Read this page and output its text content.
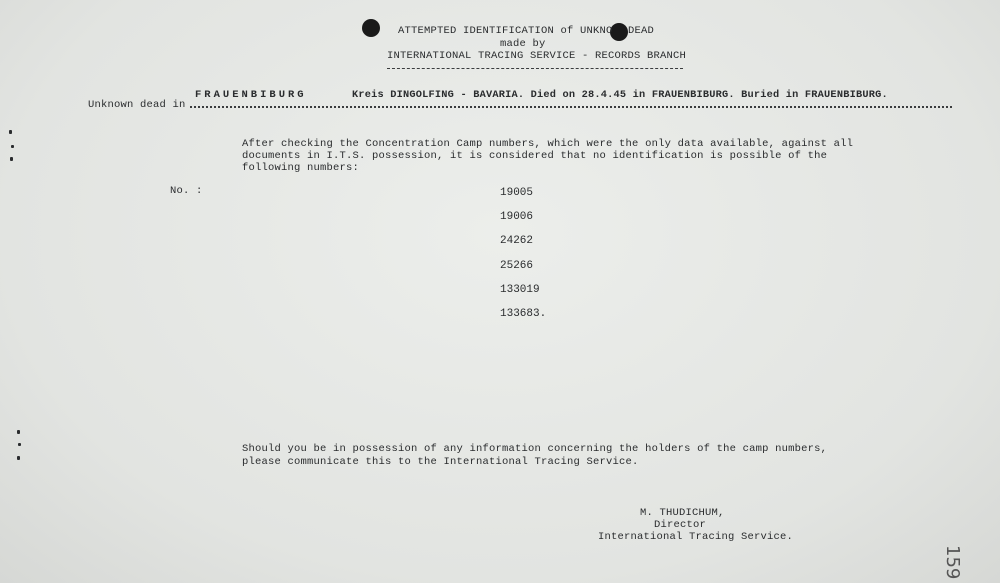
ATTEMPTED IDENTIFICATION of UNKNO DEAD
made by
INTERNATIONAL TRACING SERVICE - RECORDS BRANCH
Unknown dead in
FRAUENBIBURG	Kreis DINGOLFING - BAVARIA. Died on 28.4.45 in FRAUENBIBURG. Buried in FRAUENBIBURG.
After checking the Concentration Camp numbers, which were the only data available, against all
documents in I.T.S. possession, it is considered that no identification is possible of the
following numbers:
No. :	19005
19006
24262
25266
133019
133683.
Should you be in possession of any information concerning the holders of the camp numbers,
please communicate this to the International Tracing Service.
M. THUDICHUM,
Director
International Tracing Service.
159
